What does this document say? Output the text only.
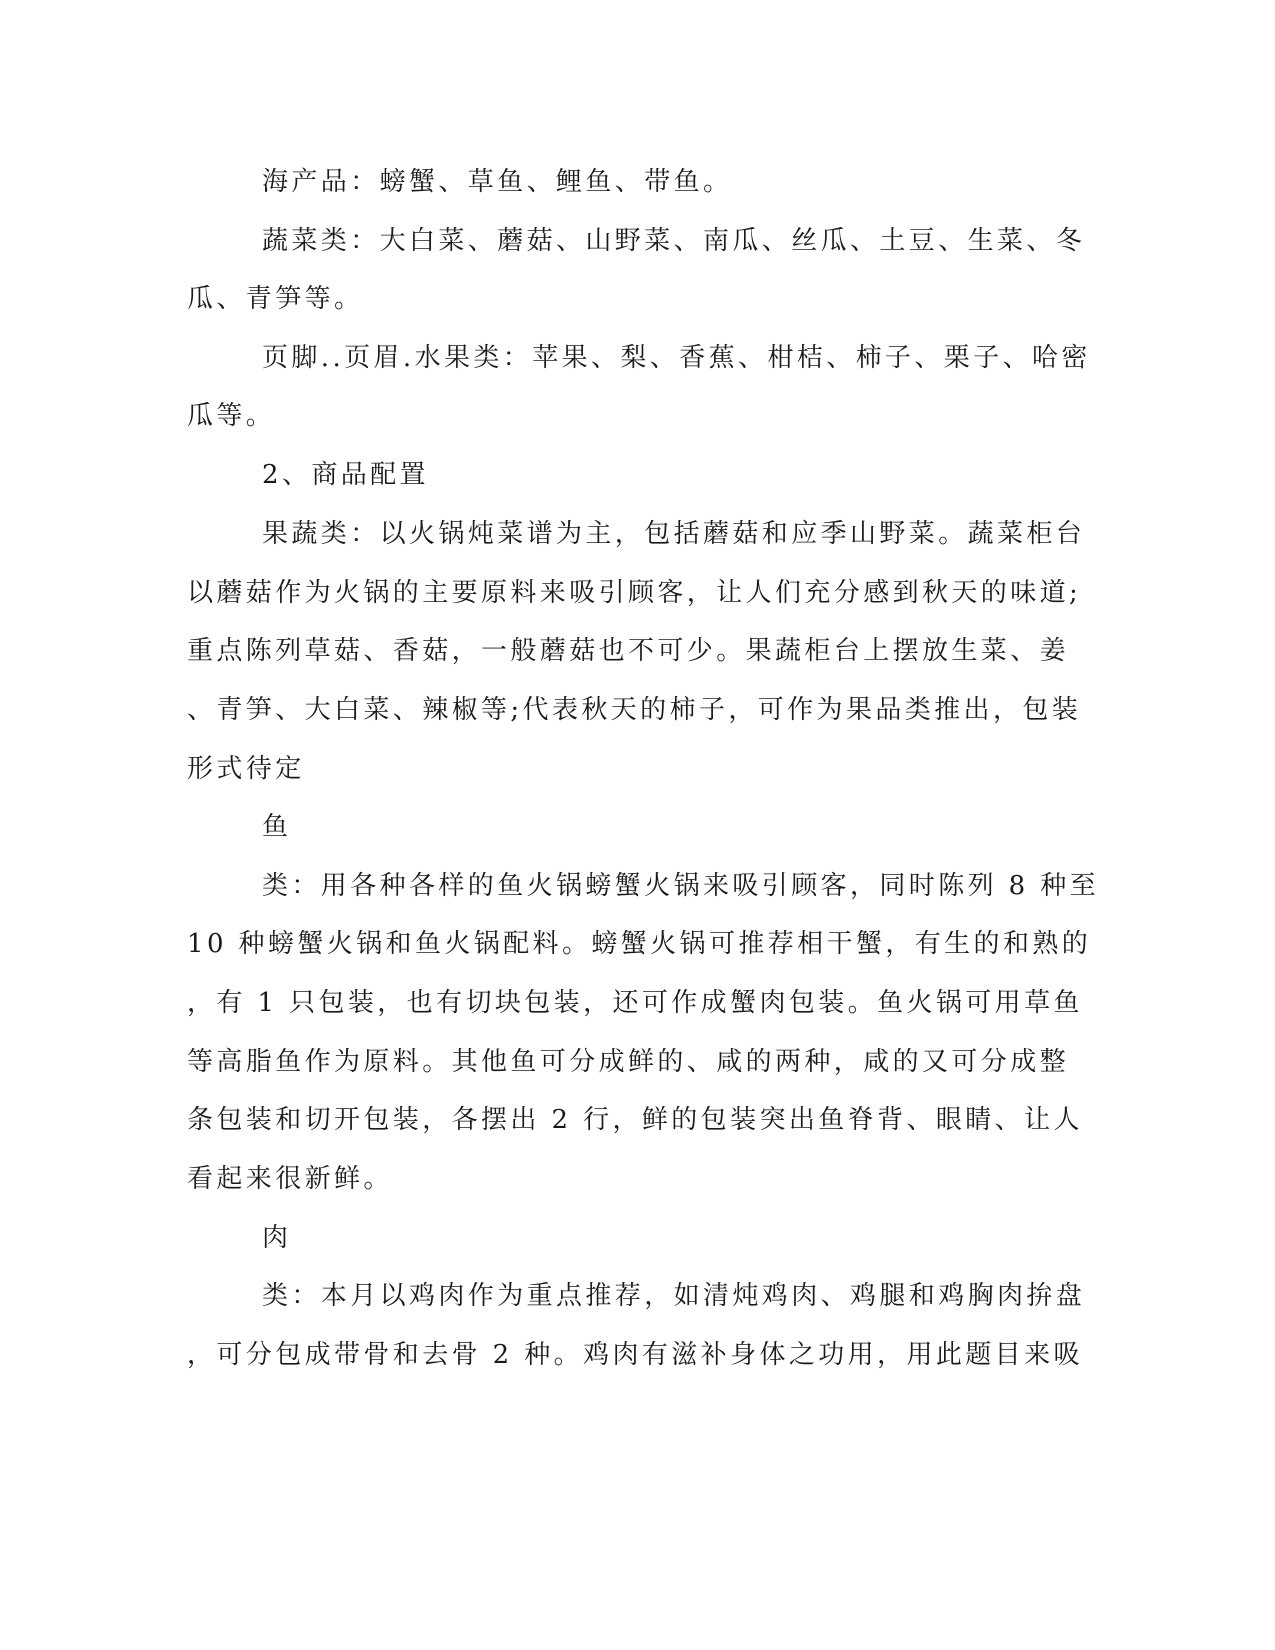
海产品：螃蟹、草鱼、鲤鱼、带鱼。
蔬菜类：大白菜、蘑菇、山野菜、南瓜、丝瓜、土豆、生菜、冬
瓜、青笋等。
页脚..页眉.水果类：苹果、梨、香蕉、柑桔、柿子、栗子、哈密
瓜等。
2、商品配置
果蔬类：以火锅炖菜谱为主，包括蘑菇和应季山野菜。蔬菜柜台
以蘑菇作为火锅的主要原料来吸引顾客，让人们充分感到秋天的味道;
重点陈列草菇、香菇，一般蘑菇也不可少。果蔬柜台上摆放生菜、姜
、青笋、大白菜、辣椒等;代表秋天的柿子，可作为果品类推出，包装
形式待定
鱼
类：用各种各样的鱼火锅螃蟹火锅来吸引顾客，同时陈列 8 种至
10 种螃蟹火锅和鱼火锅配料。螃蟹火锅可推荐相干蟹，有生的和熟的
，有 1 只包装，也有切块包装，还可作成蟹肉包装。鱼火锅可用草鱼
等高脂鱼作为原料。其他鱼可分成鲜的、咸的两种，咸的又可分成整
条包装和切开包装，各摆出 2 行，鲜的包装突出鱼脊背、眼睛、让人
看起来很新鲜。
肉
类：本月以鸡肉作为重点推荐，如清炖鸡肉、鸡腿和鸡胸肉拚盘
，可分包成带骨和去骨 2 种。鸡肉有滋补身体之功用，用此题目来吸
